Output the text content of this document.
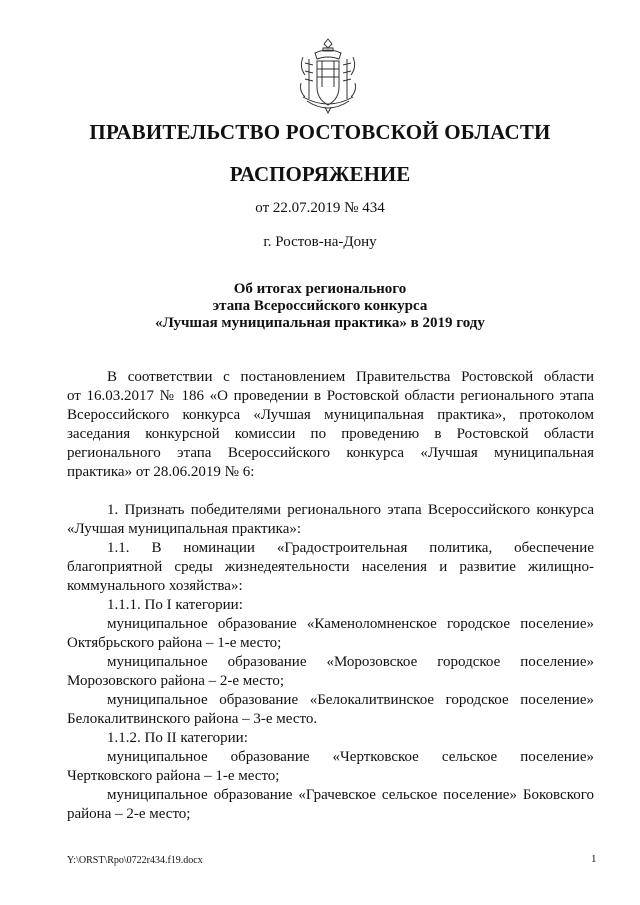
ПРАВИТЕЛЬСТВО РОСТОВСКОЙ ОБЛАСТИ
РАСПОРЯЖЕНИЕ
от 22.07.2019 № 434
г. Ростов-на-Дону
Об итогах регионального
этапа Всероссийского конкурса
«Лучшая муниципальная практика» в 2019 году
В соответствии с постановлением Правительства Ростовской области
от 16.03.2017 № 186 «О проведении в Ростовской области регионального этапа
Всероссийского конкурса «Лучшая муниципальная практика», протоколом
заседания конкурсной комиссии по проведению в Ростовской области
регионального этапа Всероссийского конкурса «Лучшая муниципальная
практика» от 28.06.2019 № 6:
1. Признать победителями регионального этапа Всероссийского конкурса
«Лучшая муниципальная практика»:
1.1. В номинации «Градостроительная политика, обеспечение
благоприятной среды жизнедеятельности населения и развитие жилищно-
коммунального хозяйства»:
1.1.1. По I категории:
муниципальное образование «Каменоломненское городское поселение»
Октябрьского района – 1-е место;
муниципальное образование «Морозовское городское поселение»
Морозовского района – 2-е место;
муниципальное образование «Белокалитвинское городское поселение»
Белокалитвинского района – 3-е место.
1.1.2. По II категории:
муниципальное образование «Чертковское сельское поселение»
Чертковского района – 1-е место;
муниципальное образование «Грачевское сельское поселение» Боковского
района – 2-е место;
Y:\ORST\Rpo\0722r434.f19.docx	1
